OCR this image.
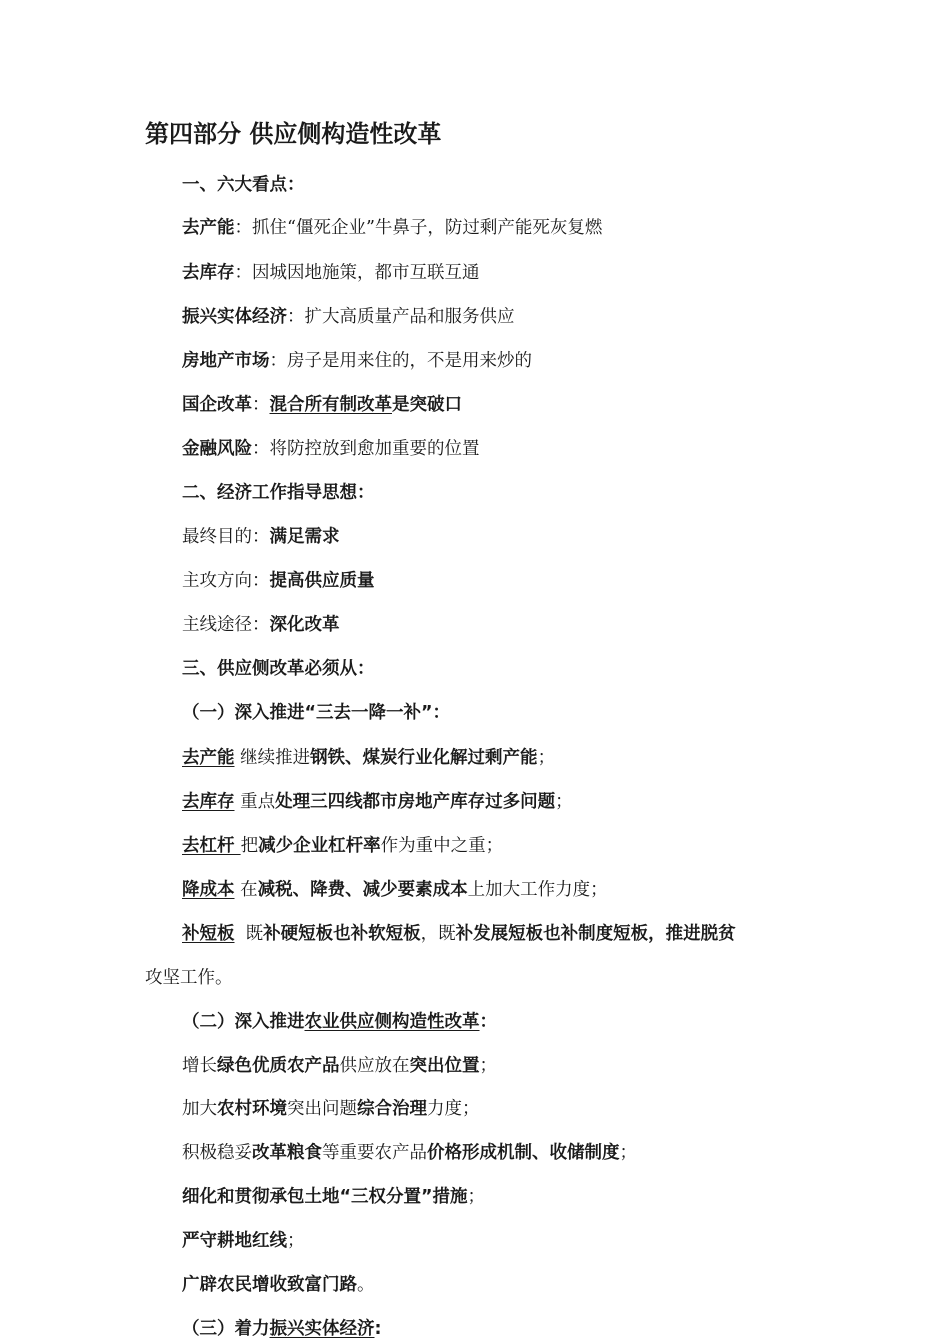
第四部分 供应侧构造性改革
一、六大看点：
去产能：抓住“僵死企业”牛鼻子，防过剩产能死灰复燃
去库存：因城因地施策，都市互联互通
振兴实体经济：扩大高质量产品和服务供应
房地产市场：房子是用来住的，不是用来炒的
国企改革：混合所有制改革是突破口
金融风险：将防控放到愈加重要的位置
二、经济工作指导思想：
最终目的：满足需求
主攻方向：提高供应质量
主线途径：深化改革
三、供应侧改革必须从：
（一）深入推进“三去一降一补”：
去产能 继续推进钢铁、煤炭行业化解过剩产能；
去库存 重点处理三四线都市房地产库存过多问题；
去杠杆 把减少企业杠杆率作为重中之重；
降成本 在减税、降费、减少要素成本上加大工作力度；
补短板  既补硬短板也补软短板，既补发展短板也补制度短板，推进脱贫
攻坚工作。
（二）深入推进农业供应侧构造性改革：
增长绿色优质农产品供应放在突出位置；
加大农村环境突出问题综合治理力度；
积极稳妥改革粮食等重要农产品价格形成机制、收储制度；
细化和贯彻承包土地“三权分置”措施；
严守耕地红线；
广辟农民增收致富门路。
（三）着力振兴实体经济:
